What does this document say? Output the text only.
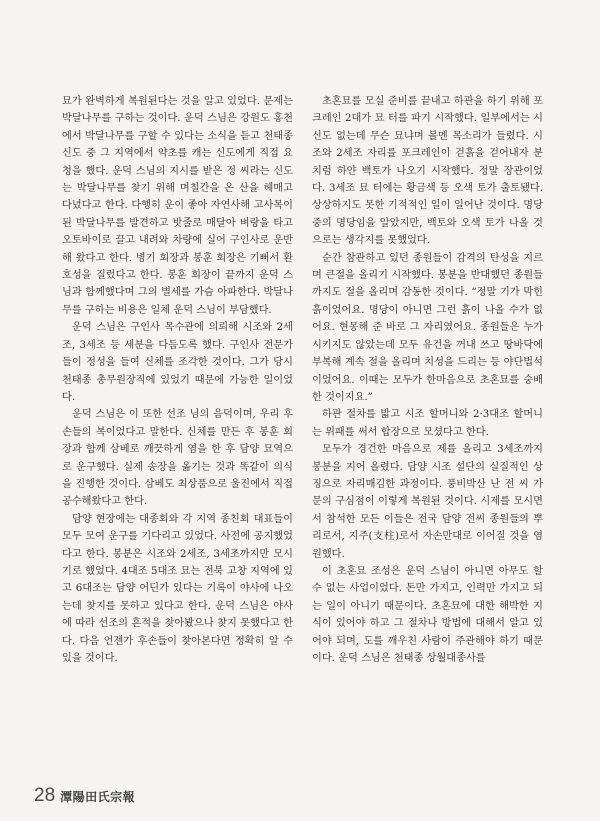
묘가 완벽하게 복원된다는 것을 알고 있었다. 문제는 박달나무를 구하는 것이다. 운덕 스님은 강원도 홍천에서 박달나무를 구할 수 있다는 소식을 듣고 천태종 신도 중 그 지역에서 약초를 캐는 신도에게 직접 요청을 했다. 운덕 스님의 지시를 받은 정 씨라는 신도는 박달나무를 찾기 위해 며칠간을 온 산을 헤매고 다녔다고 한다. 다행히 운이 좋아 자연사해 고사목이 된 박달나무를 발견하고 밧줄로 매달아 벼랑을 타고 오토바이로 끌고 내려와 차량에 실어 구인사로 운반해 왔다고 한다. 병기 회장과 봉훈 회장은 기뻐서 환호성을 질렀다고 한다. 봉훈 회장이 끝까지 운덕 스님과 함께했다며 그의 별세를 가슴 아파한다. 박달나무를 구하는 비용은 일체 운덕 스님이 부담했다.

운덕 스님은 구인사 목수관에 의뢰해 시조와 2세조, 3세조 등 세분을 다듬도록 했다. 구인사 전문가들이 정성을 들여 신체를 조각한 것이다. 그가 당시 천태종 총무원장직에 있었기 때문에 가능한 일이었다.

운덕 스님은 이 또한 선조 님의 음덕이며, 우리 후손들의 복이었다고 말한다. 신체를 만든 후 봉훈 회장과 함께 삼베로 깨끗하게 염을 한 후 담양 묘역으로 운구했다. 실제 송장을 옮기는 것과 똑같이 의식을 진행한 것이다. 삼베도 최상품으로 울진에서 직접 공수해왔다고 한다.

담양 현장에는 대종회와 각 지역 종친회 대표들이 모두 모여 운구를 기다리고 있었다. 사전에 공지했었다고 한다. 봉분은 시조와 2세조, 3세조까지만 모시기로 했었다. 4대조 5대조 묘는 전북 고창 지역에 있고 6대조는 담양 어딘가 있다는 기록이 야사에 나오는데 찾지를 못하고 있다고 한다. 운덕 스님은 야사에 따라 선조의 흔적을 찾아봤으나 찾지 못했다고 한다. 다음 언젠가 후손들이 찾아본다면 정확히 알 수 있을 것이다.

초혼묘를 모실 준비를 끝내고 하관을 하기 위해 포크레인 2대가 묘 터를 파기 시작했다. 일부에서는 시신도 없는데 무슨 묘냐며 볼멘 목소리가 들렸다. 시조와 2세조 자리를 포크레인이 걷흙을 걷어내자 분치럼 하얀 백토가 나오기 시작했다. 정말 장관이었다. 3세조 묘 터에는 황금색 등 오색 토가 출토됐다. 상상하지도 못한 기적적인 일이 일어난 것이다. 명당 중의 명당임을 알았지만, 백토와 오색 토가 나올 것으로는 생각지를 못했었다.

순간 참관하고 있던 종원들이 감격의 탄성을 지르며 큰절을 올리기 시작했다. 봉분을 반대했던 종원들까지도 절을 올리며 감동한 것이다. “정말 기가 막힌 흙이었어요. 명당이 아니면 그런 흙이 나올 수가 없어요. 현몽해 준 바로 그 자리였어요. 종원들은 누가 시키지도 않았는데 모두 유건을 꺼내 쓰고 땅바닥에 부복해 계속 절을 올리며 치성을 드리는 등 야단법석이었어요. 이때는 모두가 한마음으로 초혼묘를 숭배한 것이지요.”

하관 절차를 밟고 시조 할머니와 2·3대조 할머니는 위패를 써서 합장으로 모셨다고 한다.

모두가 경건한 마음으로 제를 올리고 3세조까지 봉분을 지어 올렸다. 담양 시조 설단의 실질적인 상징으로 자리매김한 과정이다. 풍비박산 난 전 씨 가문의 구심점이 이렇게 복원된 것이다. 시제를 모시면서 참석한 모든 이들은 전국 담양 전씨 종원들의 뿌리로서, 지주(支柱)로서 자손만대로 이어질 것을 염원했다.

이 초혼묘 조성은 운덕 스님이 아니면 아무도 할 수 없는 사업이었다. 돈만 가지고, 인력만 가지고 되는 일이 아니기 때문이다. 초혼묘에 대한 해박한 지식이 있어야 하고 그 절차나 방법에 대해서 알고 있어야 되며, 도를 깨우친 사람이 주관해야 하기 때문이다. 운덕 스님은 천태종 상월대종사를

28 潭陽田氏宗報
